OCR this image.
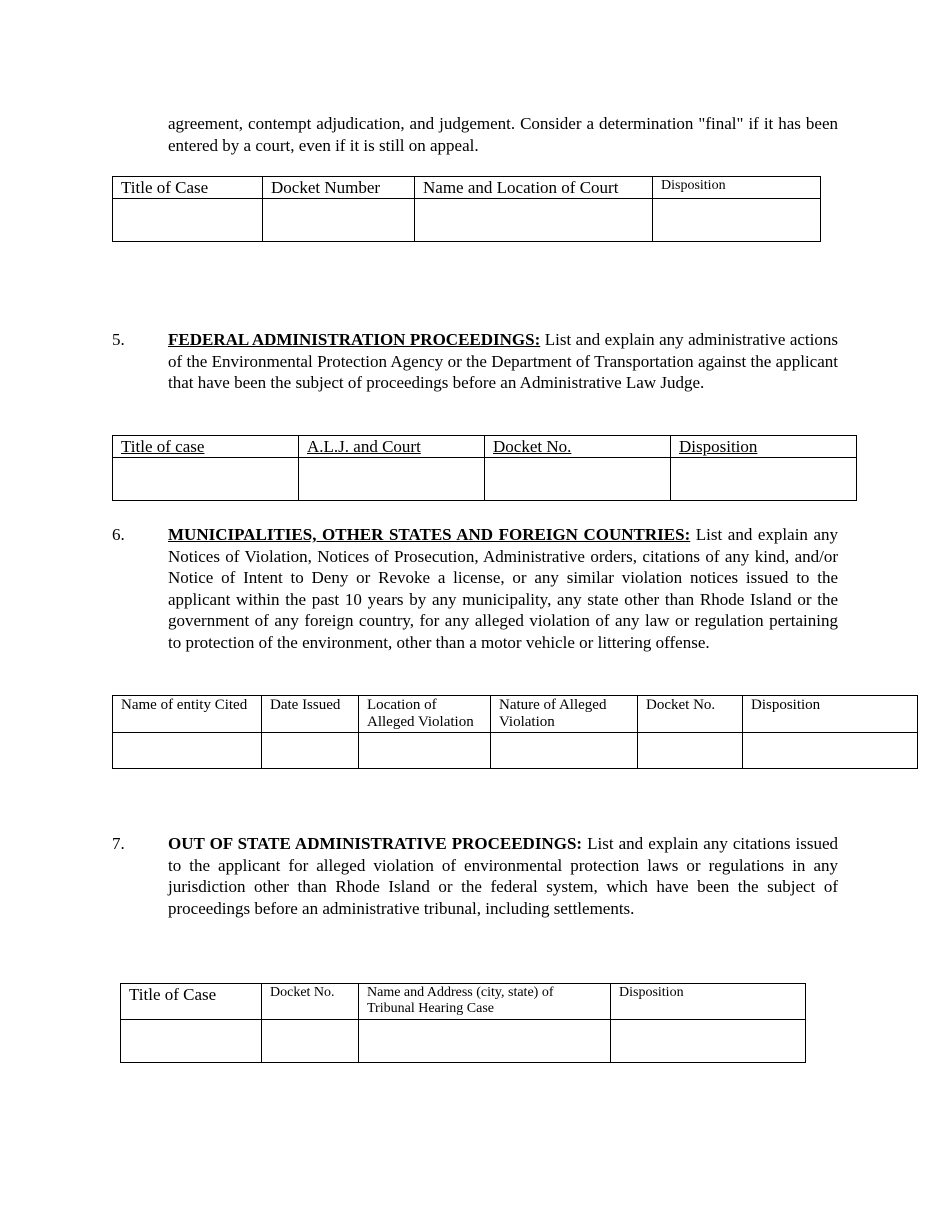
agreement, contempt adjudication, and judgement. Consider a determination "final" if it has been entered by a court, even if it is still on appeal.

Title of Case	Docket Number	Name and Location of Court	Disposition

5.	FEDERAL ADMINISTRATION PROCEEDINGS: List and explain any administrative actions of the Environmental Protection Agency or the Department of Transportation against the applicant that have been the subject of proceedings before an Administrative Law Judge.

Title of case	A.L.J. and Court	Docket No.	Disposition

6.	MUNICIPALITIES, OTHER STATES AND FOREIGN COUNTRIES: List and explain any Notices of Violation, Notices of Prosecution, Administrative orders, citations of any kind, and/or Notice of Intent to Deny or Revoke a license, or any similar violation notices issued to the applicant within the past 10 years by any municipality, any state other than Rhode Island or the government of any foreign country, for any alleged violation of any law or regulation pertaining to protection of the environment, other than a motor vehicle or littering offense.

Name of entity Cited	Date Issued	Location of Alleged Violation	Nature of Alleged Violation	Docket No.	Disposition

7.	OUT OF STATE ADMINISTRATIVE PROCEEDINGS: List and explain any citations issued to the applicant for alleged violation of environmental protection laws or regulations in any jurisdiction other than Rhode Island or the federal system, which have been the subject of proceedings before an administrative tribunal, including settlements.

Title of Case	Docket No.	Name and Address (city, state) of Tribunal Hearing Case	Disposition
